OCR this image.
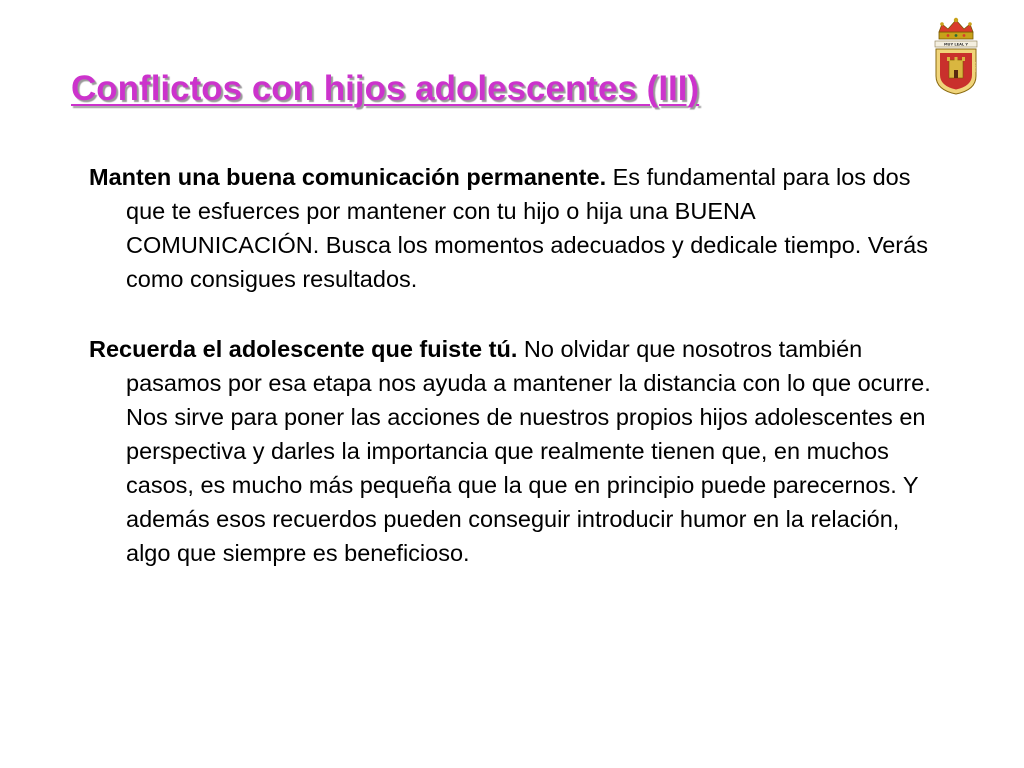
Conflictos con hijos adolescentes (III)
MUY LEAL Y
VILLA	NOBLE

Manten una buena comunicación permanente. Es fundamental para los dos que te esfuerces por mantener con tu hijo o hija una BUENA COMUNICACIÓN. Busca los momentos adecuados y dedicale tiempo. Verás como consigues resultados.

Recuerda el adolescente que fuiste tú. No olvidar que nosotros también pasamos por esa etapa nos ayuda a mantener la distancia con lo que ocurre. Nos sirve para poner las acciones de nuestros propios hijos adolescentes en perspectiva y darles la importancia que realmente tienen que, en muchos casos, es mucho más pequeña que la que en principio puede parecernos. Y además esos recuerdos pueden conseguir introducir humor en la relación, algo que siempre es beneficioso.
